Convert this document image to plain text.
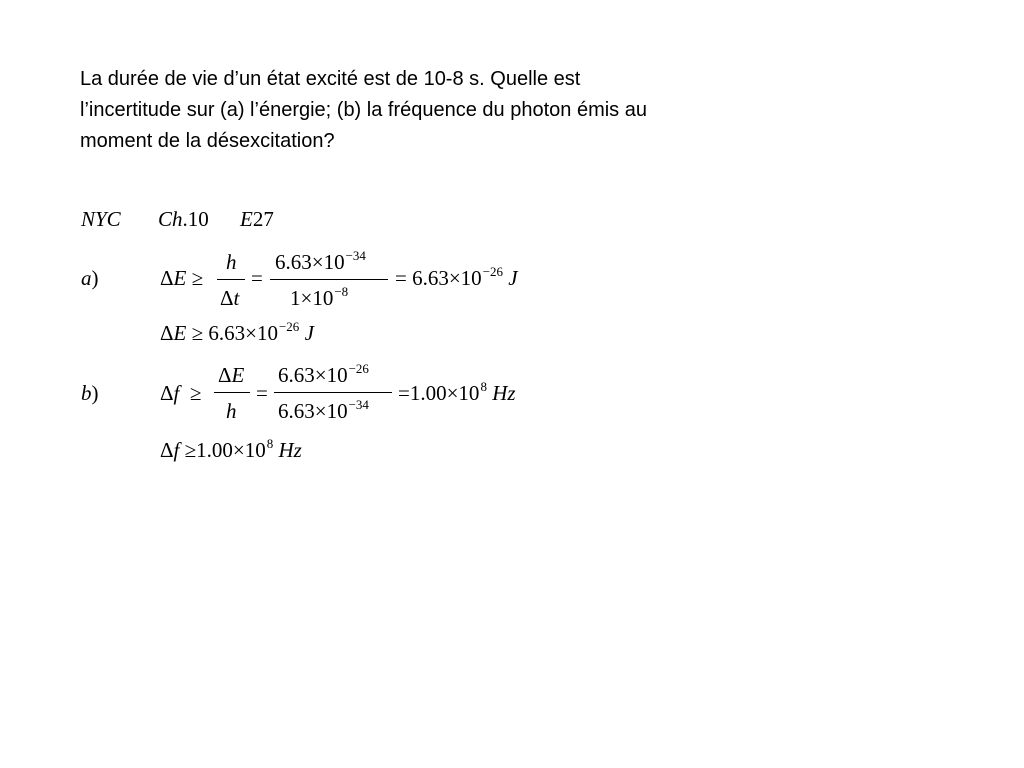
La durée de vie d’un état excité est de 10-8 s. Quelle est
l’incertitude sur (a) l’énergie; (b) la fréquence du photon émis au
moment de la désexcitation?

NYC Ch.10 E27
a)	ΔE ≥
h
Δt
=
$6.63\times 10^{-34}$
$1\times 10^{-8}$
= $6.63\times 10^{-26}$ J
$\Delta E \ge 6.63\times 10^{-26}$ J
b)	Δf  ≥
ΔE
h
=
$6.63\times 10^{-26}$
$6.63\times 10^{-34} =1.00\times 10^8$ Hz
$\Delta f \ge 1.00\times 10^8$ Hz
